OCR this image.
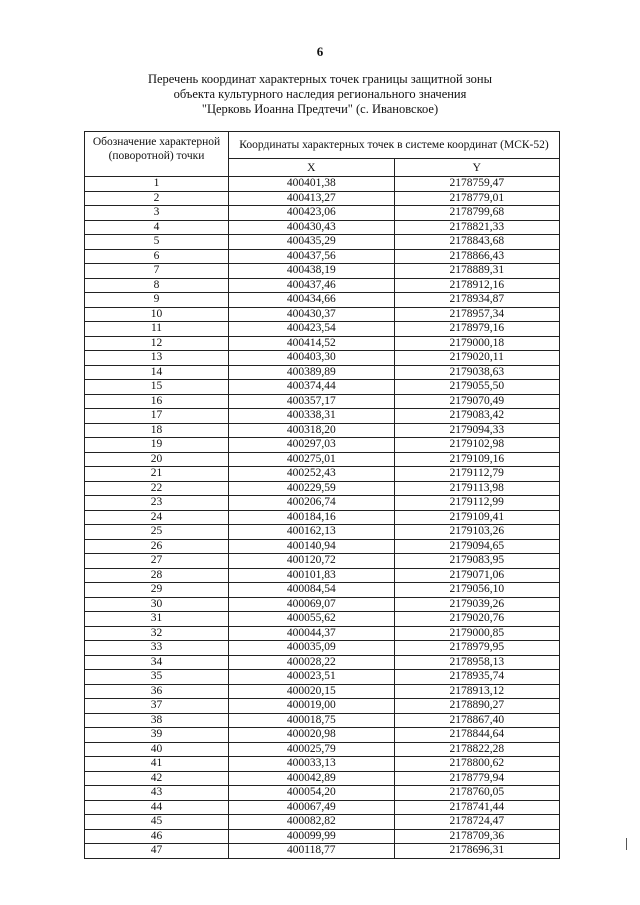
6
Перечень координат характерных точек границы защитной зоны
объекта культурного наследия регионального значения
"Церковь Иоанна Предтечи" (с. Ивановское)
Обозначение характерной (поворотной) точки	Координаты характерных точек в системе координат (МСК-52)	
	X	Y
1	400401,38	2178759,47
2	400413,27	2178779,01
3	400423,06	2178799,68
4	400430,43	2178821,33
5	400435,29	2178843,68
6	400437,56	2178866,43
7	400438,19	2178889,31
8	400437,46	2178912,16
9	400434,66	2178934,87
10	400430,37	2178957,34
11	400423,54	2178979,16
12	400414,52	2179000,18
13	400403,30	2179020,11
14	400389,89	2179038,63
15	400374,44	2179055,50
16	400357,17	2179070,49
17	400338,31	2179083,42
18	400318,20	2179094,33
19	400297,03	2179102,98
20	400275,01	2179109,16
21	400252,43	2179112,79
22	400229,59	2179113,98
23	400206,74	2179112,99
24	400184,16	2179109,41
25	400162,13	2179103,26
26	400140,94	2179094,65
27	400120,72	2179083,95
28	400101,83	2179071,06
29	400084,54	2179056,10
30	400069,07	2179039,26
31	400055,62	2179020,76
32	400044,37	2179000,85
33	400035,09	2178979,95
34	400028,22	2178958,13
35	400023,51	2178935,74
36	400020,15	2178913,12
37	400019,00	2178890,27
38	400018,75	2178867,40
39	400020,98	2178844,64
40	400025,79	2178822,28
41	400033,13	2178800,62
42	400042,89	2178779,94
43	400054,20	2178760,05
44	400067,49	2178741,44
45	400082,82	2178724,47
46	400099,99	2178709,36
47	400118,77	2178696,31
